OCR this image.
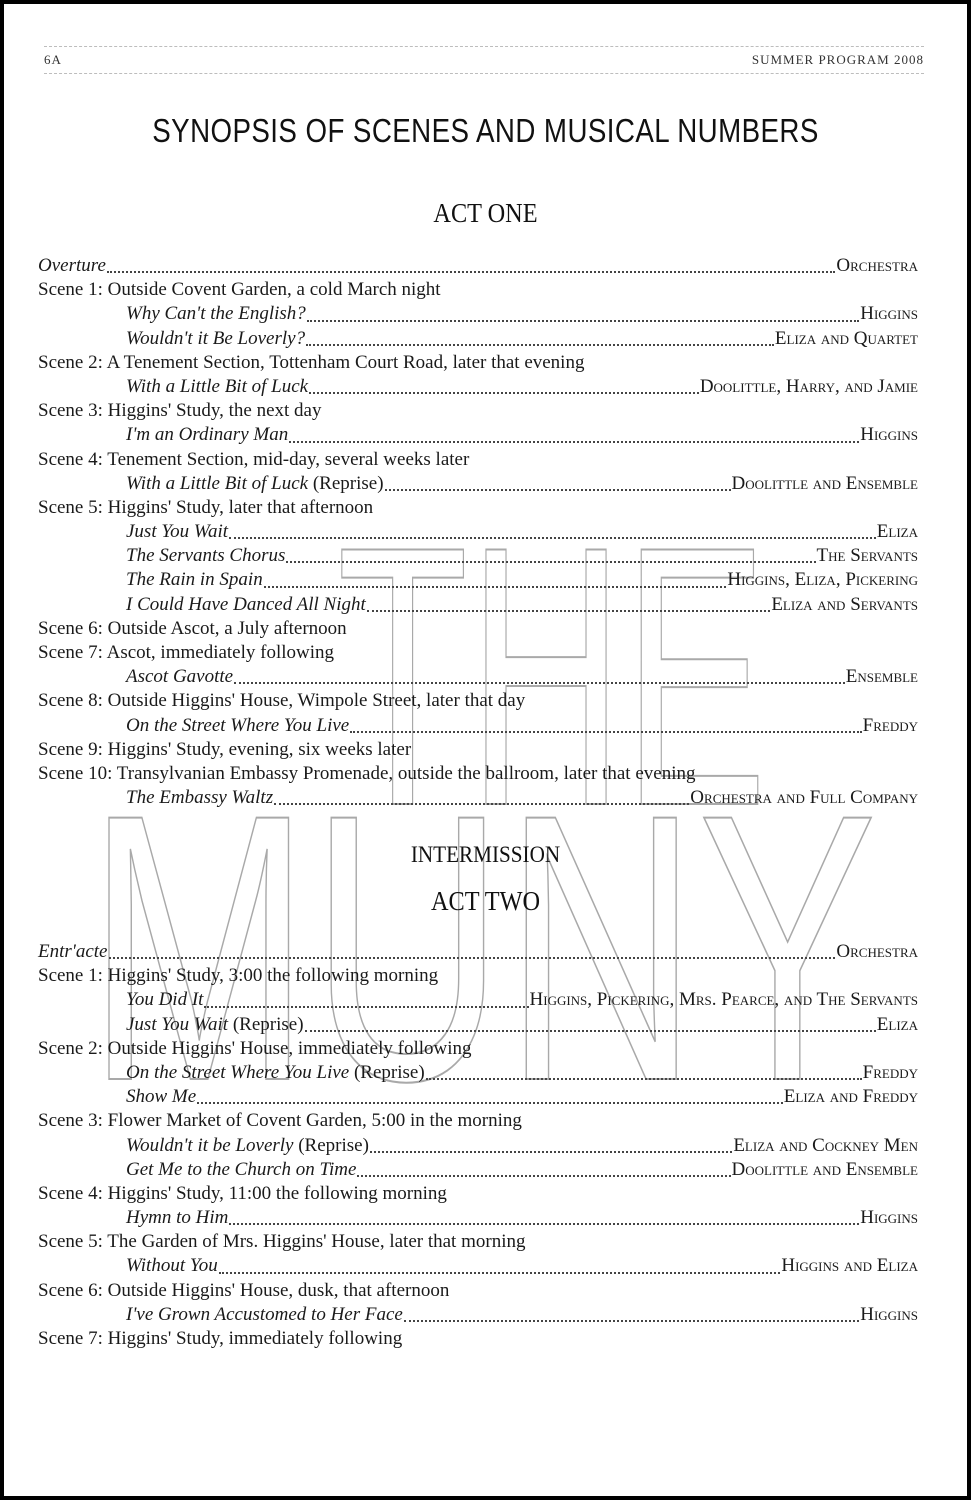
THE
MUNY
6A	SUMMER PROGRAM 2008
SYNOPSIS OF SCENES AND MUSICAL NUMBERS
ACT ONE
Overture	Orchestra
Scene 1: Outside Covent Garden, a cold March night
Why Can't the English?	Higgins
Wouldn't it Be Loverly?	Eliza and Quartet
Scene 2: A Tenement Section, Tottenham Court Road, later that evening
With a Little Bit of Luck	Doolittle, Harry, and Jamie
Scene 3: Higgins' Study, the next day
I'm an Ordinary Man	Higgins
Scene 4: Tenement Section, mid-day, several weeks later
With a Little Bit of Luck (Reprise)	Doolittle and Ensemble
Scene 5: Higgins' Study, later that afternoon
Just You Wait	Eliza
The Servants Chorus	The Servants
The Rain in Spain	Higgins, Eliza, Pickering
I Could Have Danced All Night	Eliza and Servants
Scene 6: Outside Ascot, a July afternoon
Scene 7: Ascot, immediately following
Ascot Gavotte	Ensemble
Scene 8: Outside Higgins' House, Wimpole Street, later that day
On the Street Where You Live	Freddy
Scene 9: Higgins' Study, evening, six weeks later
Scene 10: Transylvanian Embassy Promenade, outside the ballroom, later that evening
The Embassy Waltz	Orchestra and Full Company
INTERMISSION
ACT TWO
Entr'acte	Orchestra
Scene 1: Higgins' Study, 3:00 the following morning
You Did It	Higgins, Pickering, Mrs. Pearce, and The Servants
Just You Wait (Reprise)	Eliza
Scene 2: Outside Higgins' House, immediately following
On the Street Where You Live (Reprise)	Freddy
Show Me	Eliza and Freddy
Scene 3: Flower Market of Covent Garden, 5:00 in the morning
Wouldn't it be Loverly (Reprise)	Eliza and Cockney Men
Get Me to the Church on Time	Doolittle and Ensemble
Scene 4: Higgins' Study, 11:00 the following morning
Hymn to Him	Higgins
Scene 5: The Garden of Mrs. Higgins' House, later that morning
Without You	Higgins and Eliza
Scene 6: Outside Higgins' House, dusk, that afternoon
I've Grown Accustomed to Her Face	Higgins
Scene 7: Higgins' Study, immediately following
